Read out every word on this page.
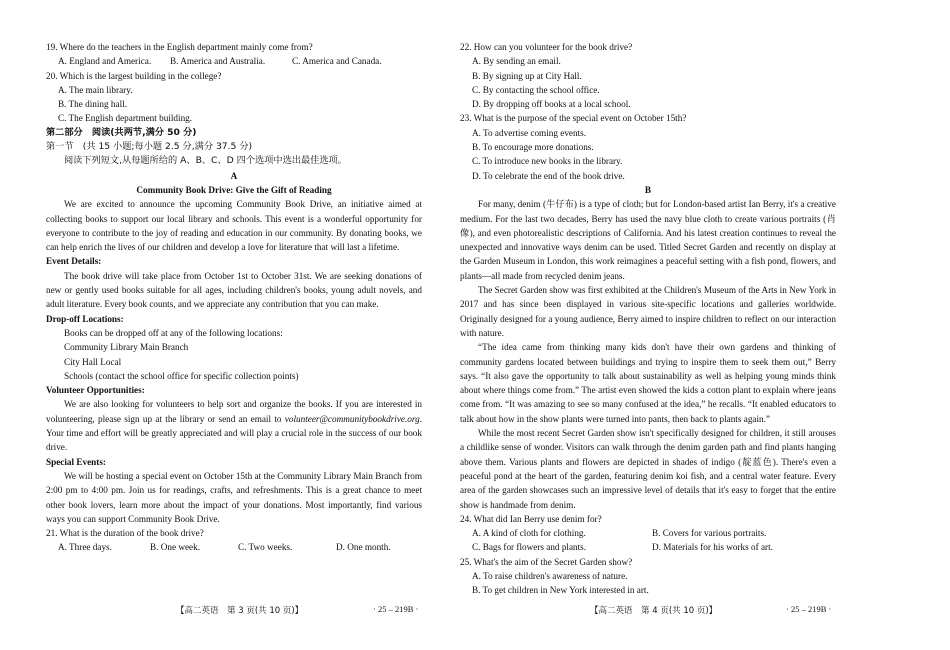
19. Where do the teachers in the English department mainly come from?

A. England and America.	B. America and Australia.	C. America and Canada.

20. Which is the largest building in the college?

A. The main library.

B. The dining hall.

C. The English department building.

第二部分　阅读(共两节,满分 50 分)

第一节　(共 15 小题;每小题 2.5 分,满分 37.5 分)

阅读下列短文,从每题所给的 A、B、C、D 四个选项中选出最佳选项。

A

Community Book Drive: Give the Gift of Reading

We are excited to announce the upcoming Community Book Drive, an initiative aimed at collecting books to support our local library and schools. This event is a wonderful opportunity for everyone to contribute to the joy of reading and education in our community. By donating books, we can help enrich the lives of our children and develop a love for literature that will last a lifetime.

Event Details:

The book drive will take place from October 1st to October 31st. We are seeking donations of new or gently used books suitable for all ages, including children's books, young adult novels, and adult literature. Every book counts, and we appreciate any contribution that you can make.

Drop-off Locations:

Books can be dropped off at any of the following locations:

Community Library Main Branch

City Hall Local

Schools (contact the school office for specific collection points)

Volunteer Opportunities:

We are also looking for volunteers to help sort and organize the books. If you are interested in volunteering, please sign up at the library or send an email to volunteer@communitybookdrive.org. Your time and effort will be greatly appreciated and will play a crucial role in the success of our book drive.

Special Events:

We will be hosting a special event on October 15th at the Community Library Main Branch from 2:00 pm to 4:00 pm. Join us for readings, crafts, and refreshments. This is a great chance to meet other book lovers, learn more about the impact of your donations. Most importantly, find various ways you can support Community Book Drive.

21. What is the duration of the book drive?

A. Three days.	B. One week.	C. Two weeks.	D. One month.
【高二英语　第 3 页(共 10 页)】	· 25 – 219B ·

22. How can you volunteer for the book drive?

A. By sending an email.

B. By signing up at City Hall.

C. By contacting the school office.

D. By dropping off books at a local school.

23. What is the purpose of the special event on October 15th?

A. To advertise coming events.

B. To encourage more donations.

C. To introduce new books in the library.

D. To celebrate the end of the book drive.

B

For many, denim (牛仔布) is a type of cloth; but for London-based artist Ian Berry, it's a creative medium. For the last two decades, Berry has used the navy blue cloth to create various portraits (肖像), and even photorealistic descriptions of California. And his latest creation continues to reveal the unexpected and innovative ways denim can be used. Titled Secret Garden and recently on display at the Garden Museum in London, this work reimagines a peaceful setting with a fish pond, flowers, and plants—all made from recycled denim jeans.

The Secret Garden show was first exhibited at the Children's Museum of the Arts in New York in 2017 and has since been displayed in various site-specific locations and galleries worldwide. Originally designed for a young audience, Berry aimed to inspire children to reflect on our interaction with nature.

“The idea came from thinking many kids don't have their own gardens and thinking of community gardens located between buildings and trying to inspire them to seek them out,” Berry says. “It also gave the opportunity to talk about sustainability as well as helping young minds think about where things come from.” The artist even showed the kids a cotton plant to explain where jeans come from. “It was amazing to see so many confused at the idea,” he recalls. “It enabled educators to talk about how in the show plants were turned into pants, then back to plants again.”

While the most recent Secret Garden show isn't specifically designed for children, it still arouses a childlike sense of wonder. Visitors can walk through the denim garden path and find plants hanging above them. Various plants and flowers are depicted in shades of indigo (靛蓝色). There's even a peaceful pond at the heart of the garden, featuring denim koi fish, and a central water feature. Every area of the garden showcases such an impressive level of details that it's easy to forget that the entire show is handmade from denim.

24. What did Ian Berry use denim for?

A. A kind of cloth for clothing.	B. Covers for various portraits.
C. Bags for flowers and plants.	D. Materials for his works of art.

25. What's the aim of the Secret Garden show?

A. To raise children's awareness of nature.

B. To get children in New York interested in art.

【高二英语　第 4 页(共 10 页)】	· 25 – 219B ·
